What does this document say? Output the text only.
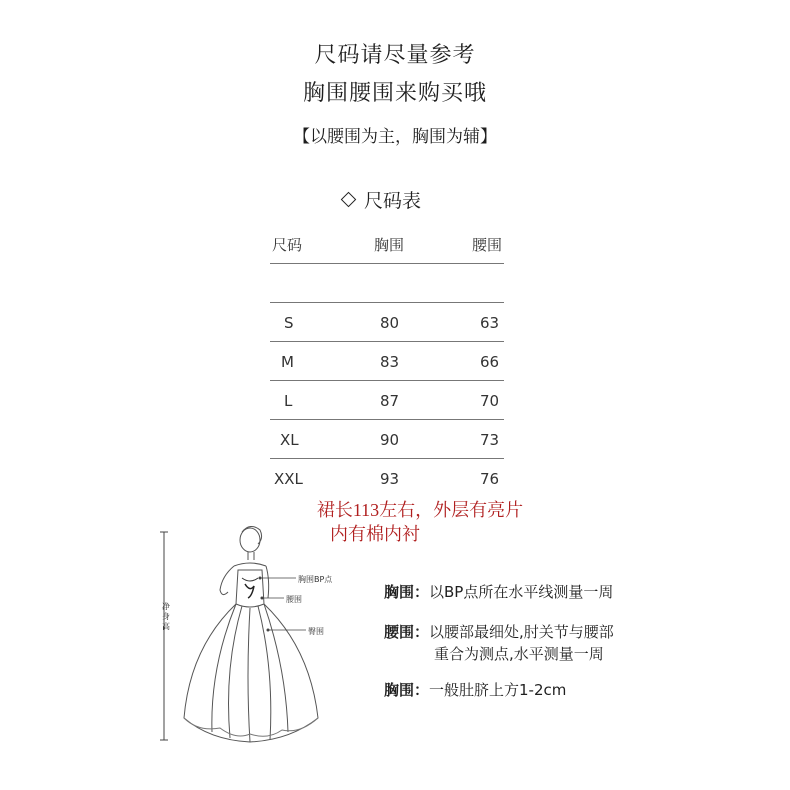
尺码请尽量参考
胸围腰围来购买哦
【以腰围为主，胸围为辅】
尺码表
尺码	胸围	腰围
S	80	63
M	83	66
L	87	70
XL	90	73
XXL	93	76
裙长113左右，外层有亮片
内有棉内衬
净身高
胸围BP点
腰围
臀围
胸围：以BP点所在水平线测量一周
腰围：以腰部最细处,肘关节与腰部
重合为测点,水平测量一周
胸围：一般肚脐上方1-2cm
